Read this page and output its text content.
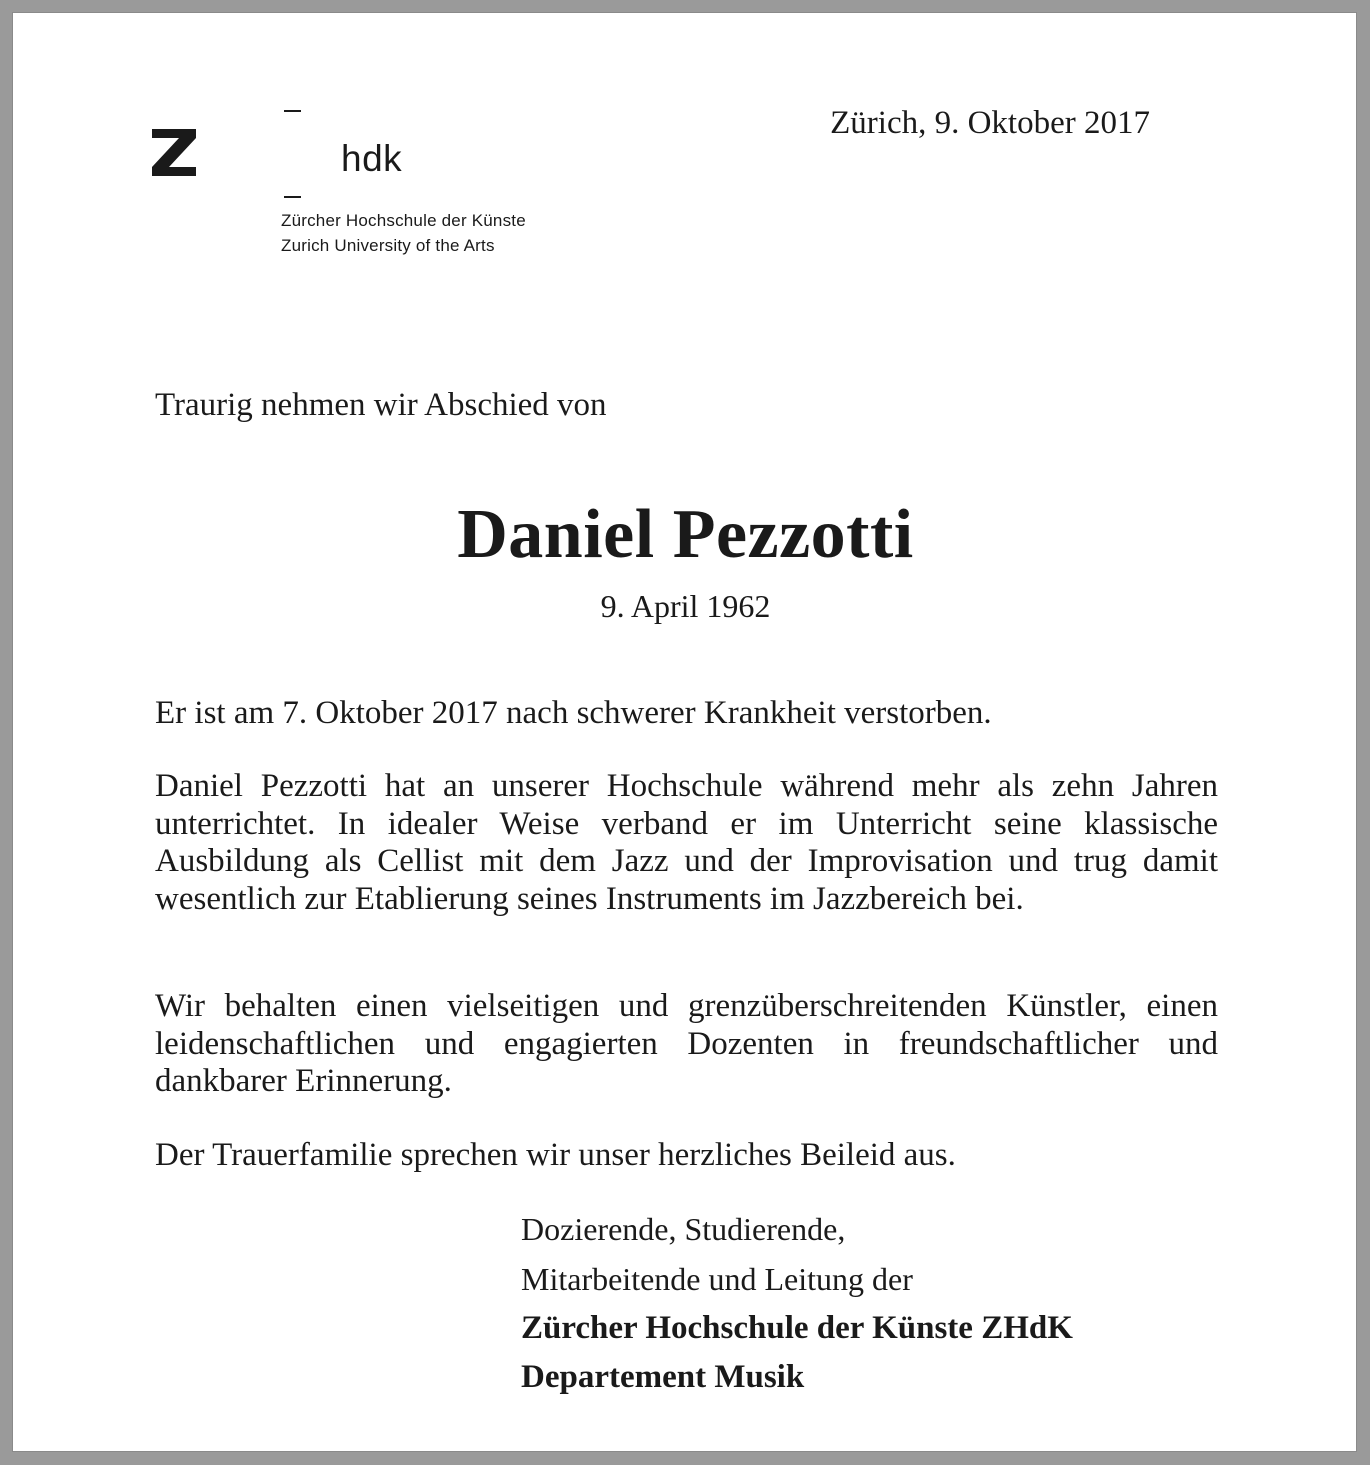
hdk
Zürcher Hochschule der Künste
Zurich University of the Arts
Zürich, 9. Oktober 2017
Traurig nehmen wir Abschied von
Daniel Pezzotti
9. April 1962

Er ist am 7. Oktober 2017 nach schwerer Krankheit verstorben.

Daniel Pezzotti hat an unserer Hochschule während mehr als zehn Jahren unterrichtet. In idealer Weise verband er im Unterricht seine klassische Ausbildung als Cellist mit dem Jazz und der Improvisation und trug damit wesentlich zur Etablierung seines Instruments im Jazzbereich bei.

Wir behalten einen vielseitigen und grenzüberschreitenden Künstler, einen leidenschaftlichen und engagierten Dozenten in freundschaftlicher und dankbarer Erinnerung.

Der Trauerfamilie sprechen wir unser herzliches Beileid aus.

Dozierende, Studierende,
Mitarbeitende und Leitung der
Zürcher Hochschule der Künste ZHdK
Departement Musik
